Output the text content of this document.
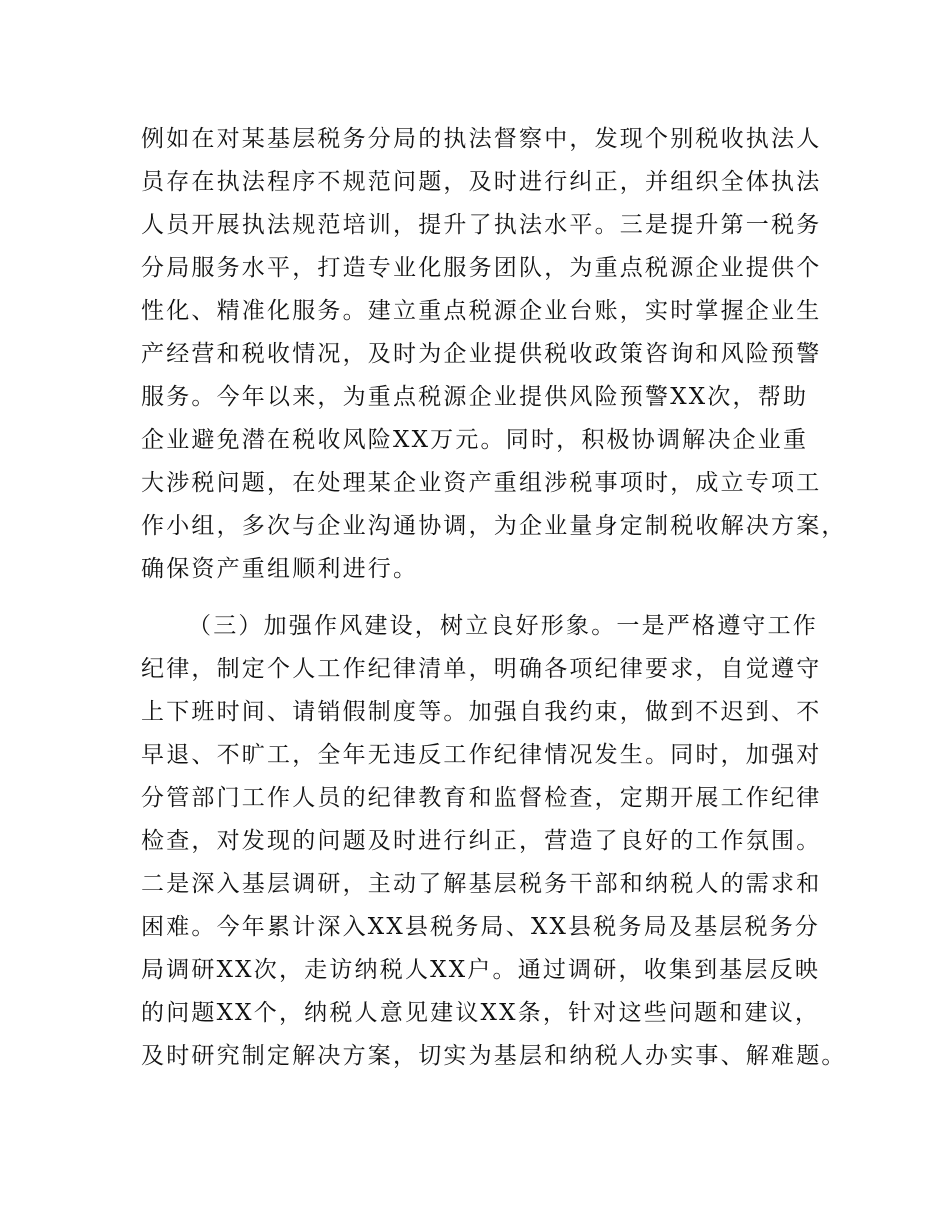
例如在对某基层税务分局的执法督察中，发现个别税收执法人
员存在执法程序不规范问题，及时进行纠正，并组织全体执法
人员开展执法规范培训，提升了执法水平。三是提升第一税务
分局服务水平，打造专业化服务团队，为重点税源企业提供个
性化、精准化服务。建立重点税源企业台账，实时掌握企业生
产经营和税收情况，及时为企业提供税收政策咨询和风险预警
服务。今年以来，为重点税源企业提供风险预警XX次，帮助
企业避免潜在税收风险XX万元。同时，积极协调解决企业重
大涉税问题，在处理某企业资产重组涉税事项时，成立专项工
作小组，多次与企业沟通协调，为企业量身定制税收解决方案，
确保资产重组顺利进行。
（三）加强作风建设，树立良好形象。一是严格遵守工作
纪律，制定个人工作纪律清单，明确各项纪律要求，自觉遵守
上下班时间、请销假制度等。加强自我约束，做到不迟到、不
早退、不旷工，全年无违反工作纪律情况发生。同时，加强对
分管部门工作人员的纪律教育和监督检查，定期开展工作纪律
检查，对发现的问题及时进行纠正，营造了良好的工作氛围。
二是深入基层调研，主动了解基层税务干部和纳税人的需求和
困难。今年累计深入XX县税务局、XX县税务局及基层税务分
局调研XX次，走访纳税人XX户。通过调研，收集到基层反映
的问题XX个，纳税人意见建议XX条，针对这些问题和建议，
及时研究制定解决方案，切实为基层和纳税人办实事、解难题。
